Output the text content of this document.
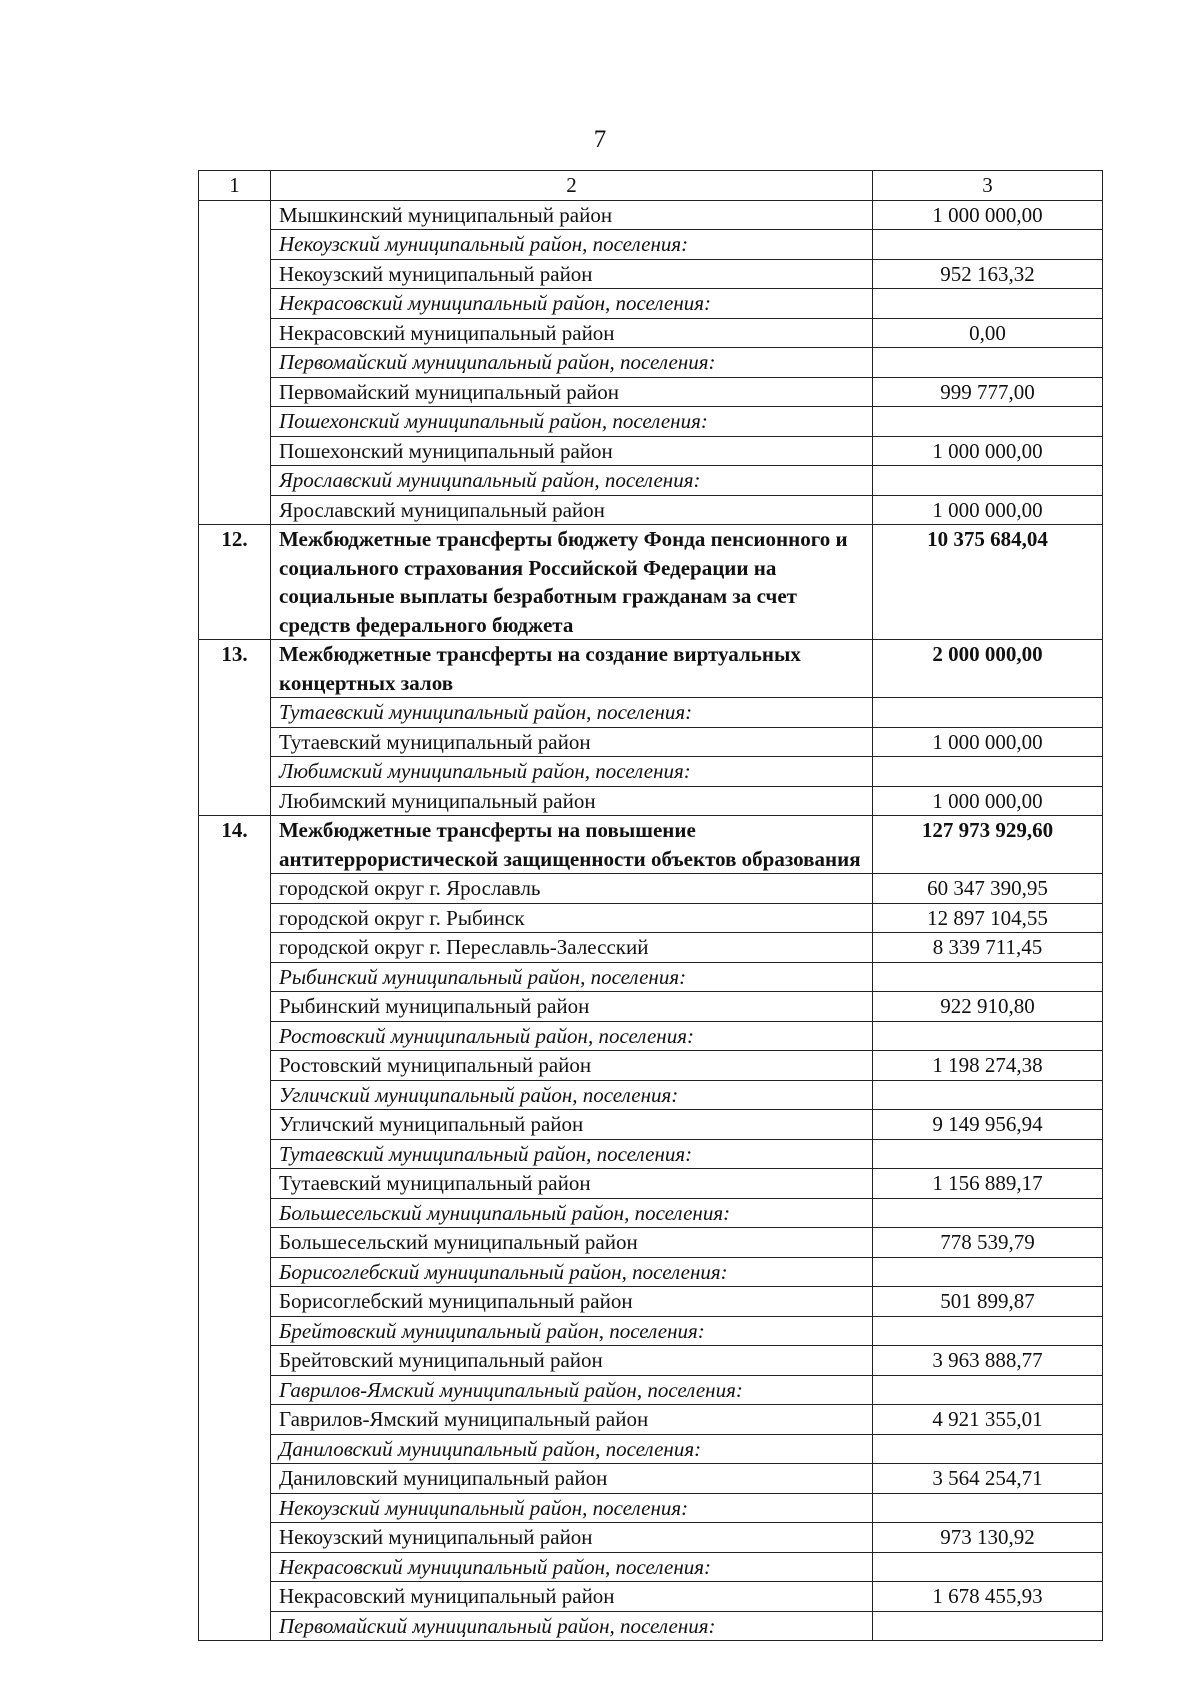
7
1	2	3
	Мышкинский муниципальный район	1 000 000,00
	Некоузский муниципальный район, поселения:	
	Некоузский муниципальный район	952 163,32
	Некрасовский муниципальный район, поселения:	
	Некрасовский муниципальный район	0,00
	Первомайский муниципальный район, поселения:	
	Первомайский муниципальный район	999 777,00
	Пошехонский муниципальный район, поселения:	
	Пошехонский муниципальный район	1 000 000,00
	Ярославский муниципальный район, поселения:	
	Ярославский муниципальный район	1 000 000,00
12.	Межбюджетные трансферты бюджету Фонда пенсионного и социального страхования Российской Федерации на социальные выплаты безработным гражданам за счет средств федерального бюджета	10 375 684,04
13.	Межбюджетные трансферты на создание виртуальных концертных залов	2 000 000,00
	Тутаевский муниципальный район, поселения:	
	Тутаевский муниципальный район	1 000 000,00
	Любимский муниципальный район, поселения:	
	Любимский муниципальный район	1 000 000,00
14.	Межбюджетные трансферты на повышение антитеррористической защищенности объектов образования	127 973 929,60
	городской округ г. Ярославль	60 347 390,95
	городской округ г. Рыбинск	12 897 104,55
	городской округ г. Переславль-Залесский	8 339 711,45
	Рыбинский муниципальный район, поселения:	
	Рыбинский муниципальный район	922 910,80
	Ростовский муниципальный район, поселения:	
	Ростовский муниципальный район	1 198 274,38
	Угличский муниципальный район, поселения:	
	Угличский муниципальный район	9 149 956,94
	Тутаевский муниципальный район, поселения:	
	Тутаевский муниципальный район	1 156 889,17
	Большесельский муниципальный район, поселения:	
	Большесельский муниципальный район	778 539,79
	Борисоглебский муниципальный район, поселения:	
	Борисоглебский муниципальный район	501 899,87
	Брейтовский муниципальный район, поселения:	
	Брейтовский муниципальный район	3 963 888,77
	Гаврилов-Ямский муниципальный район, поселения:	
	Гаврилов-Ямский муниципальный район	4 921 355,01
	Даниловский муниципальный район, поселения:	
	Даниловский муниципальный район	3 564 254,71
	Некоузский муниципальный район, поселения:	
	Некоузский муниципальный район	973 130,92
	Некрасовский муниципальный район, поселения:	
	Некрасовский муниципальный район	1 678 455,93
	Первомайский муниципальный район, поселения:	
